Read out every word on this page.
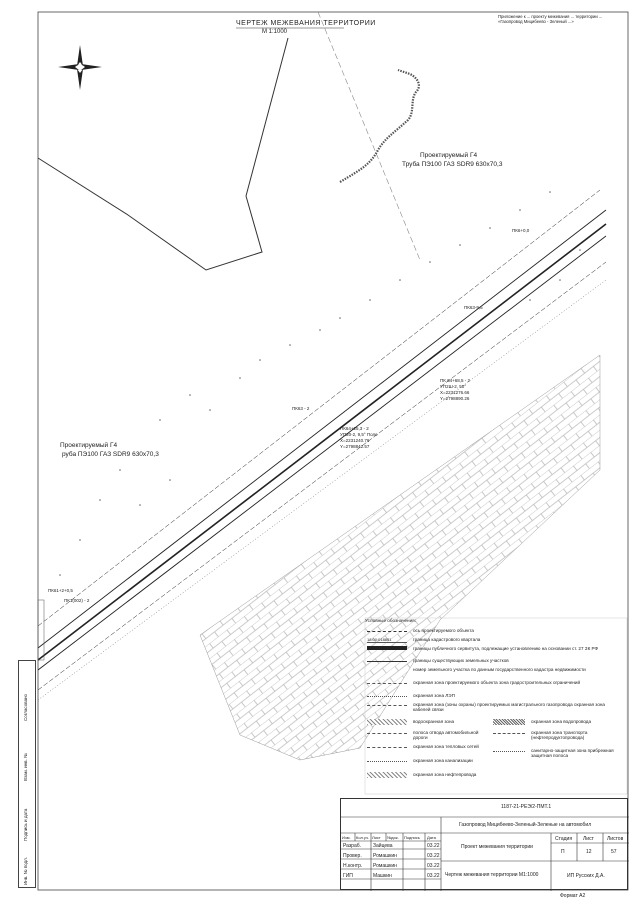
ЧЕРТЕЖ МЕЖЕВАНИЯ ТЕРРИТОРИИ
М 1:1000
Приложение к ... проекту межевания ... территории ... «Газопровод Мицибеево - Зеленый ...»
Проектируемый Г4
Труба ПЭ100 ГАЗ SDR9 630х70,3
Проектируемый Г4
руба ПЭ100 ГАЗ SDR9 630х70,3
ПК6+0,0
ПК 64+68,5 - 2
УП2Ш-2, 50°
X=2231276.66
Y=2798890.26
ПК64+25,3 - 2
УП20-2, 9,5° Поле
X=2231240.76
Y=2798842.57
ПК63-9,5
ПК63 - 2
ПК61+2+0,5
ПК1(002) - 2
Условные обозначения:
ось проектируемого объекта
18:00:018801	граница кадастрового квартала
границы публичного сервитута, подлежащие установлению на основании ст. 27 ЗК РФ
границы существующих земельных участков
номер земельного участка по данным государственного кадастра недвижимости
охранная зона проектируемого объекта зона градостроительных ограничений
охранная зона ЛЭП
охранная зона (зоны охраны) проектируемых магистрального газопровода охранная зона кабелей связи
водоохранная зона
полоса отвода автомобильной дороги
охранная зона тепловых сетей
охранная зона канализации
охранная зона нефтепровода
охранная зона водопровода
охранная зона транспорта (нефтепродуктопровода)
санитарно-защитная зона прибрежная защитная полоса
Согласовано
Взам. инв. №
Подпись и дата
Инв. № подл.
1187-21-РЕЭ/2-ПМТ.1
Газопровод Мицибеево-Зеленый-Зеленые на автомобил
Изм. Кол.уч. Лист №док. Подпись Дата
Разраб. Зайцева	03.22
Провер. Ромашкин	03.22
Н.контр. Ромашкин	03.22
ГИП	Машкин	03.22
Проект межевания территории
Чертеж межевания территории М1:1000
Стадия Лист	Листов
П	12	57
ИП Русских Д.А.
Формат А2
